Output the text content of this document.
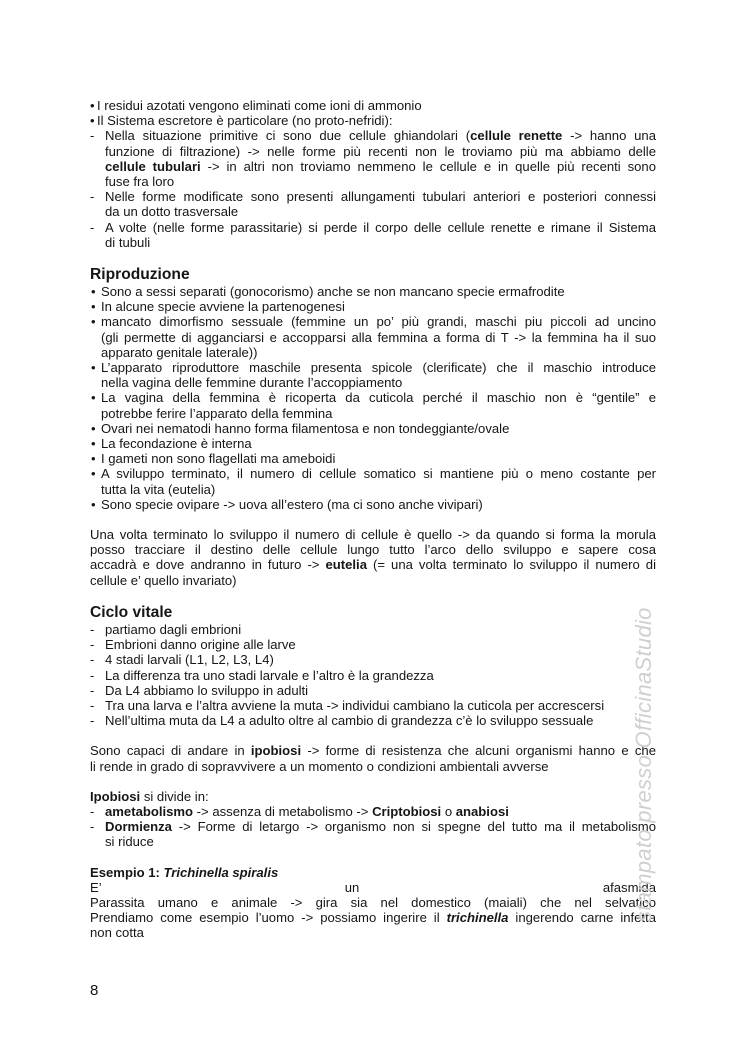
• I residui azotati vengono eliminati come ioni di ammonio
• Il Sistema escretore è particolare (no proto-nefridi):
- Nella situazione primitive ci sono due cellule ghiandolari (cellule renette -> hanno una
funzione di filtrazione) -> nelle forme più recenti non le troviamo più ma abbiamo delle
cellule tubulari -> in altri non troviamo nemmeno le cellule e in quelle più recenti sono
fuse fra loro
- Nelle forme modificate sono presenti allungamenti tubulari anteriori e posteriori connessi
da un dotto trasversale
- A volte (nelle forme parassitarie) si perde il corpo delle cellule renette e rimane il Sistema
di tubuli
Riproduzione
• Sono a sessi separati (gonocorismo) anche se non mancano specie ermafrodite
• In alcune specie avviene la partenogenesi
• mancato dimorfismo sessuale (femmine un po’ più grandi, maschi piu piccoli ad uncino
(gli permette di agganciarsi e accopparsi alla femmina a forma di T -> la femmina ha il suo
apparato genitale laterale))
• L’apparato riproduttore maschile presenta spicole (clerificate) che il maschio introduce
nella vagina delle femmine durante l’accoppiamento
• La vagina della femmina è ricoperta da cuticola perché il maschio non è “gentile” e
potrebbe ferire l’apparato della femmina
• Ovari nei nematodi hanno forma filamentosa e non tondeggiante/ovale
• La fecondazione è interna
• I gameti non sono flagellati ma ameboidi
• A sviluppo terminato, il numero di cellule somatico si mantiene più o meno costante per
tutta la vita (eutelia)
• Sono specie ovipare -> uova all’estero (ma ci sono anche vivipari)
Una volta terminato lo sviluppo il numero di cellule è quello -> da quando si forma la morula
posso tracciare il destino delle cellule lungo tutto l’arco dello sviluppo e sapere cosa
accadrà e dove andranno in futuro -> eutelia (= una volta terminato lo sviluppo il numero di
cellule e’ quello invariato)
Ciclo vitale
- partiamo dagli embrioni
- Embrioni danno origine alle larve
- 4 stadi larvali (L1, L2, L3, L4)
- La differenza tra uno stadi larvale e l’altro è la grandezza
- Da L4 abbiamo lo sviluppo in adulti
- Tra una larva e l’altra avviene la muta -> individui cambiano la cuticola per accrescersi
- Nell’ultima muta da L4 a adulto oltre al cambio di grandezza c’è lo sviluppo sessuale
Sono capaci di andare in ipobiosi -> forme di resistenza che alcuni organismi hanno e che
li rende in grado di sopravvivere a un momento o condizioni ambientali avverse
Ipobiosi si divide in:
- ametabolismo -> assenza di metabolismo -> Criptobiosi o anabiosi
- Dormienza -> Forme di letargo -> organismo non si spegne del tutto ma il metabolismo
si riduce
Esempio 1: Trichinella spiralis
E’ un afasmida
Parassita umano e animale -> gira sia nel domestico (maiali) che nel selvatico
Prendiamo come esempio l’uomo -> possiamo ingerire il trichinella ingerendo carne infetta
non cotta
stampato presso OfficinaStudio
8
